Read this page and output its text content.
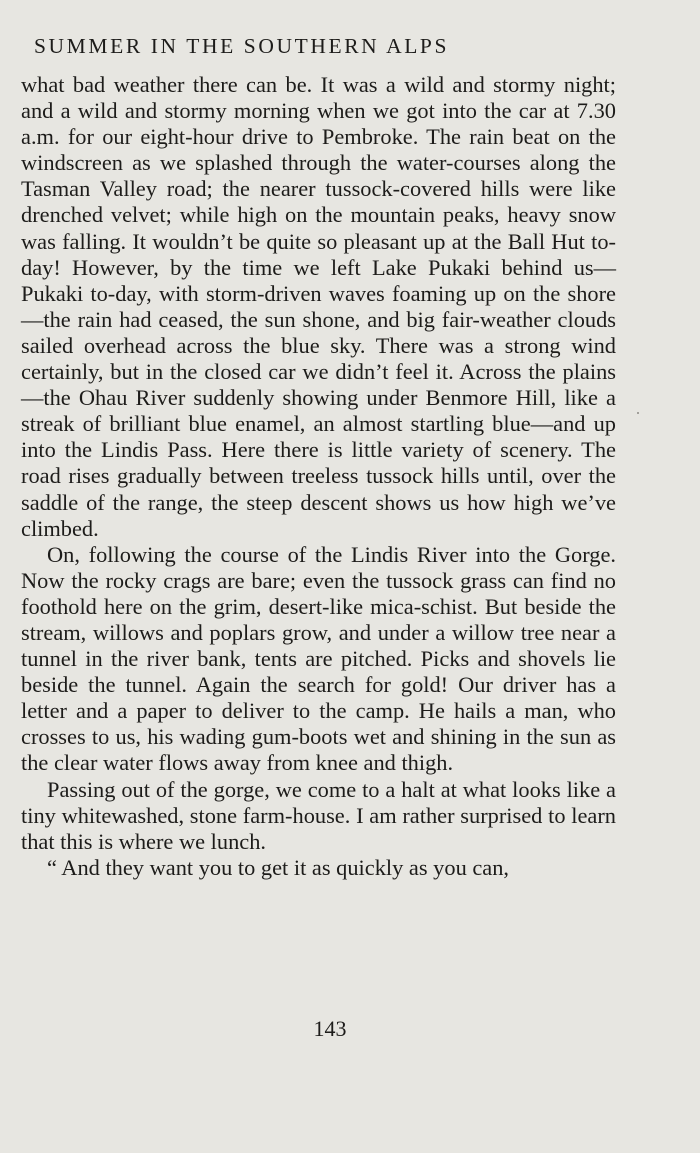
SUMMER IN THE SOUTHERN ALPS

what bad weather there can be. It was a wild and stormy night; and a wild and stormy morning when we got into the car at 7.30 a.m. for our eight-hour drive to Pembroke. The rain beat on the windscreen as we splashed through the water-courses along the Tasman Valley road; the nearer tussock-covered hills were like drenched velvet; while high on the mountain peaks, heavy snow was falling. It wouldn’t be quite so pleasant up at the Ball Hut to-day! However, by the time we left Lake Pukaki behind us—Pukaki to-day, with storm-driven waves foaming up on the shore—the rain had ceased, the sun shone, and big fair-weather clouds sailed overhead across the blue sky. There was a strong wind certainly, but in the closed car we didn’t feel it. Across the plains—the Ohau River suddenly showing under Benmore Hill, like a streak of brilliant blue enamel, an almost startling blue—and up into the Lindis Pass. Here there is little variety of scenery. The road rises gradually between treeless tussock hills until, over the saddle of the range, the steep descent shows us how high we’ve climbed.

On, following the course of the Lindis River into the Gorge. Now the rocky crags are bare; even the tussock grass can find no foothold here on the grim, desert-like mica-schist. But beside the stream, willows and poplars grow, and under a willow tree near a tunnel in the river bank, tents are pitched. Picks and shovels lie beside the tunnel. Again the search for gold! Our driver has a letter and a paper to deliver to the camp. He hails a man, who crosses to us, his wading gum-boots wet and shining in the sun as the clear water flows away from knee and thigh.

Passing out of the gorge, we come to a halt at what looks like a tiny whitewashed, stone farm-house. I am rather surprised to learn that this is where we lunch.

“ And they want you to get it as quickly as you can,

143
